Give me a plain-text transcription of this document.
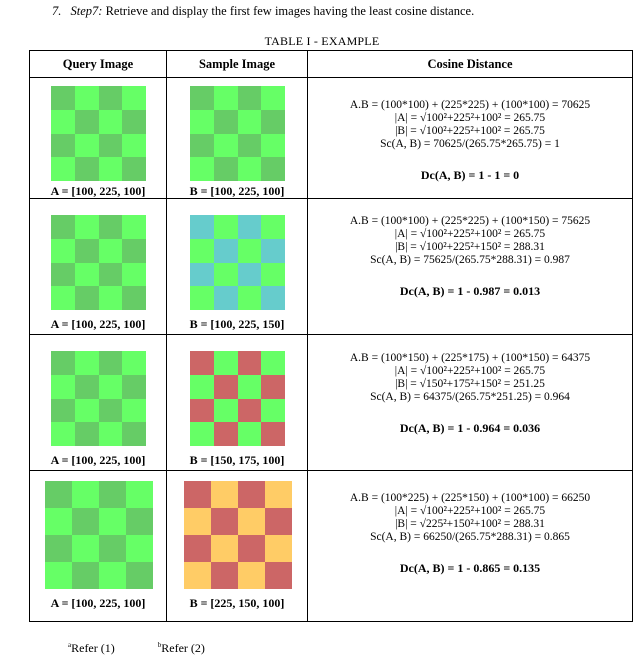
7. Step7: Retrieve and display the first few images having the least cosine distance.
TABLE I - EXAMPLE
Query Image	Sample Image	Cosine Distance

A = [100, 225, 100]	B = [100, 225, 100]	A.B = (100*100) + (225*225) + (100*100) = 70625
|A| = √100²+225²+100² = 265.75
|B| = √100²+225²+100² = 265.75
Sc(A, B) = 70625/(265.75*265.75) = 1
Dc(A, B) = 1 - 1 = 0

A = [100, 225, 100]	B = [100, 225, 150]	A.B = (100*100) + (225*225) + (100*150) = 75625
|A| = √100²+225²+100² = 265.75
|B| = √100²+225²+150² = 288.31
Sc(A, B) = 75625/(265.75*288.31) = 0.987
Dc(A, B) = 1 - 0.987 = 0.013

A = [100, 225, 100]	B = [150, 175, 100]	A.B = (100*150) + (225*175) + (100*150) = 64375
|A| = √100²+225²+100² = 265.75
|B| = √150²+175²+150² = 251.25
Sc(A, B) = 64375/(265.75*251.25) = 0.964
Dc(A, B) = 1 - 0.964 = 0.036

A = [100, 225, 100]	B = [225, 150, 100]	A.B = (100*225) + (225*150) + (100*100) = 66250
|A| = √100²+225²+100² = 265.75
|B| = √225²+150²+100² = 288.31
Sc(A, B) = 66250/(265.75*288.31) = 0.865
Dc(A, B) = 1 - 0.865 = 0.135
$^a$Refer (1)	$^b$Refer (2)
